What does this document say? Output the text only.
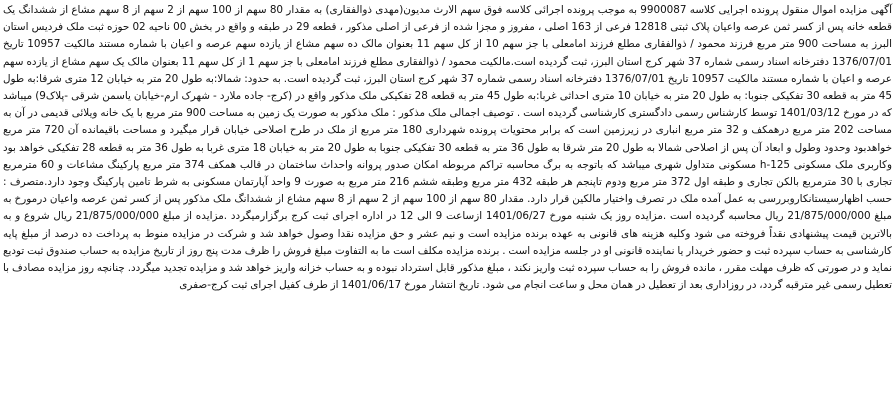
آگهی مزایده اموال منقول پرونده اجرایی کلاسه 9900087 به موجب پرونده اجرائی کلاسه فوق سهم الارث مدیون(مهدی ذوالفقاری) به مقدار 80 سهم از 100 سهم از 2 سهم از 8 سهم مشاع از ششدانگ یک قطعه خانه پس از کسر ثمن عرصه واعیان پلاک ثبتی 12818 فرعی از 163 اصلی ، مفروز و مجزا شده از فرعی از اصلی مذکور ، قطعه 29 در طبقه و واقع در بخش 00 ناحیه 02 حوزه ثبت ملک فردیس استان البرز به مساحت 900 متر مربع فرزند محمود / ذوالفقاری مطلع فرزند امامعلی با جز سهم 10 از کل سهم 11 بعنوان مالک ده سهم مشاع از یازده سهم عرصه و اعیان با شماره مستند مالکیت 10957 تاریخ 1376/07/01 دفترخانه اسناد رسمی شماره 37 شهر کرج استان البرز، ثبت گردیده است.مالکیت محمود / ذوالفقاری مطلع فرزند امامعلی با جز سهم 1 از کل سهم 11 بعنوان مالک یک سهم مشاع از یازده سهم عرصه و اعیان با شماره مستند مالکیت 10957 تاریخ 1376/07/01 دفترخانه اسناد رسمی شماره 37 شهر کرج استان البرز، ثبت گردیده است. به حدود: شمالا:به طول 20 متر به خیابان 12 متری شرقا:به طول 45 متر به قطعه 30 تفکیکی جنوبا: به طول 20 متر به خیابان 10 متری احداثی غربا:به طول 45 متر به قطعه 28 تفکیکی ملک مذکور واقع در (کرج- جاده ملارد - شهرک ارم-خیابان یاسمن شرقی -پلاک9) میباشد که در مورخ 1401/03/12 توسط کارشناس رسمی دادگستری کارشناسی گردیده است . توصیف اجمالی ملک مذکور : ملک مذکور به صورت یک زمین به مساحت 900 متر مربع با یک خانه ویلائی قدیمی در آن به مساحت 202 متر مربع درهمکف و 32 متر مربع انباری در زیرزمین است که برابر محتویات پرونده شهرداری 180 متر مربع از ملک در طرح اصلاحی خیابان قرار میگیرد و مساحت باقیمانده آن 720 متر مربع خواهدبود وحدود وطول و ابعاد آن پس از اصلاحی شمالا به طول 20 متر شرقا به طول 36 متر به قطعه 30 تفکیکی جنوبا به طول 20 متر به خیابان 18 متری غربا به طول 36 متر به قطعه 28 تفکیکی خواهد بود وکاربری ملک مسکونی 125-h مسکونی متداول شهری میباشد که باتوجه به برگ محاسبه تراکم مربوطه امکان صدور پروانه واحداث ساختمان در قالب همکف 374 متر مربع پارکینگ مشاعات و 60 مترمربع تجاری با 30 مترمربع بالکن تجاری و طبقه اول 372 متر مربع ودوم تاپنجم هر طبقه 432 متر مربع وطبقه ششم 216 متر مربع به صورت 9 واحد آپارتمان مسکونی به شرط تامین پارکینگ وجود دارد.متصرف : حسب اظهارسیستانکاروبررسی به عمل آمده ملک در تصرف واختیار مالکین قرار دارد. مقدار 80 سهم از 100 سهم از 2 سهم از 8 سهم مشاع از ششدانگ ملک مذکور پس از کسر ثمن عرصه واعیان درمورخ به مبلغ 21/875/000/000 ریال محاسبه گردیده است .مزایده روز یک شنبه مورخ 1401/06/27 ازساعت 9 الی 12 در اداره اجرای ثبت کرج برگزارمیگردد .مزایده از مبلغ 21/875/000/000 ریال شروع و به بالاترین قیمت پیشنهادی نقداً فروخته می شود وکلیه هزینه های قانونی به عهده برنده مزایده است و نیم عشر و حق مزایده نقدا وصول خواهد شد و شرکت در مزایده منوط به پرداخت ده درصد از مبلغ پایه کارشناسی به حساب سپرده ثبت و حضور خریدار یا نماینده قانونی او در جلسه مزایده است . برنده مزایده مکلف است ما به التفاوت مبلغ فروش را ظرف مدت پنج روز از تاریخ مزایده به حساب صندوق ثبت تودیع نماید و در صورتی که ظرف مهلت مقرر ، مانده فروش را به حساب سپرده ثبت واریز نکند ، مبلغ مذکور قابل استرداد نبوده و به حساب خزانه واریز خواهد شد و مزایده تجدید میگردد. چنانچه روز مزایده مصادف با تعطیل رسمی غیر مترقبه گردد، در روزاداری بعد از تعطیل در همان محل و ساعت انجام می شود. تاریخ انتشار مورخ 1401/06/17 از طرف کفیل اجرای ثبت کرج-صفری
